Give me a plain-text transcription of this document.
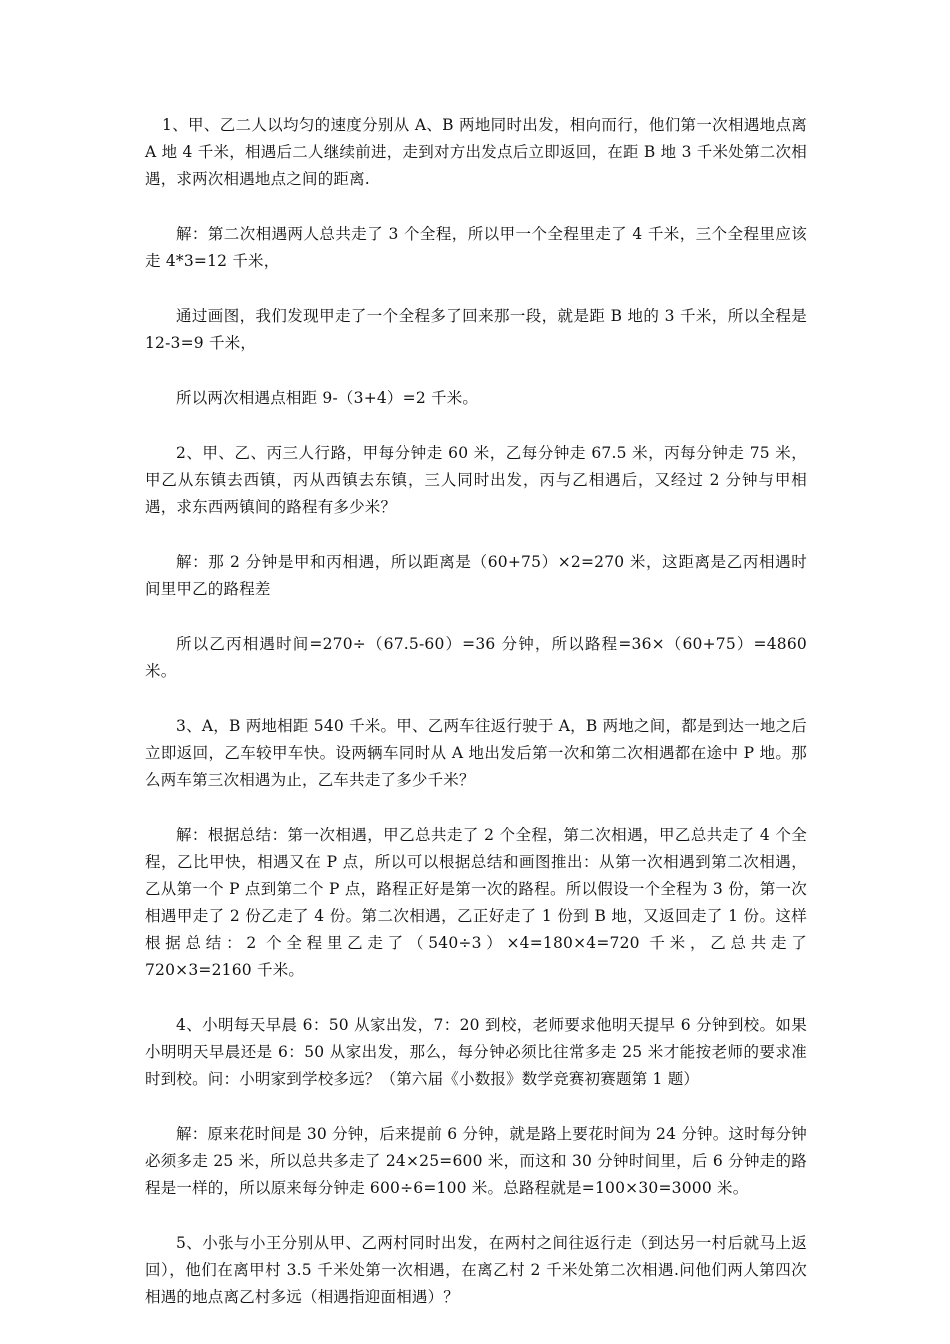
1、甲、乙二人以均匀的速度分别从 A、B 两地同时出发，相向而行，他们第一次相遇地点离 A 地 4 千米，相遇后二人继续前进，走到对方出发点后立即返回，在距 B 地 3 千米处第二次相遇，求两次相遇地点之间的距离.

解：第二次相遇两人总共走了 3 个全程，所以甲一个全程里走了 4 千米，三个全程里应该走 4*3=12 千米，

通过画图，我们发现甲走了一个全程多了回来那一段，就是距 B 地的 3 千米，所以全程是 12-3=9 千米，

所以两次相遇点相距 9-（3+4）=2 千米。

2、甲、乙、丙三人行路，甲每分钟走 60 米，乙每分钟走 67.5 米，丙每分钟走 75 米，甲乙从东镇去西镇，丙从西镇去东镇，三人同时出发，丙与乙相遇后，又经过 2 分钟与甲相遇，求东西两镇间的路程有多少米？

解：那 2 分钟是甲和丙相遇，所以距离是（60+75）×2=270 米，这距离是乙丙相遇时间里甲乙的路程差

所以乙丙相遇时间=270÷（67.5-60）=36 分钟，所以路程=36×（60+75）=4860 米。

3、A，B 两地相距 540 千米。甲、乙两车往返行驶于 A，B 两地之间，都是到达一地之后立即返回，乙车较甲车快。设两辆车同时从 A 地出发后第一次和第二次相遇都在途中 P 地。那么两车第三次相遇为止，乙车共走了多少千米？

解：根据总结：第一次相遇，甲乙总共走了 2 个全程，第二次相遇，甲乙总共走了 4 个全程，乙比甲快，相遇又在 P 点，所以可以根据总结和画图推出：从第一次相遇到第二次相遇，乙从第一个 P 点到第二个 P 点，路程正好是第一次的路程。所以假设一个全程为 3 份，第一次相遇甲走了 2 份乙走了 4 份。第二次相遇，乙正好走了 1 份到 B 地，又返回走了 1 份。这样根据总结：2 个全程里乙走了（540÷3）×4=180×4=720 千米，乙总共走了 720×3=2160 千米。

4、小明每天早晨 6：50 从家出发，7：20 到校，老师要求他明天提早 6 分钟到校。如果小明明天早晨还是 6：50 从家出发，那么，每分钟必须比往常多走 25 米才能按老师的要求准时到校。问：小明家到学校多远？（第六届《小数报》数学竞赛初赛题第 1 题）

解：原来花时间是 30 分钟，后来提前 6 分钟，就是路上要花时间为 24 分钟。这时每分钟必须多走 25 米，所以总共多走了 24×25=600 米，而这和 30 分钟时间里，后 6 分钟走的路程是一样的，所以原来每分钟走 600÷6=100 米。总路程就是=100×30=3000 米。

5、小张与小王分别从甲、乙两村同时出发，在两村之间往返行走（到达另一村后就马上返回），他们在离甲村 3.5 千米处第一次相遇，在离乙村 2 千米处第二次相遇.问他们两人第四次相遇的地点离乙村多远（相遇指迎面相遇）？
